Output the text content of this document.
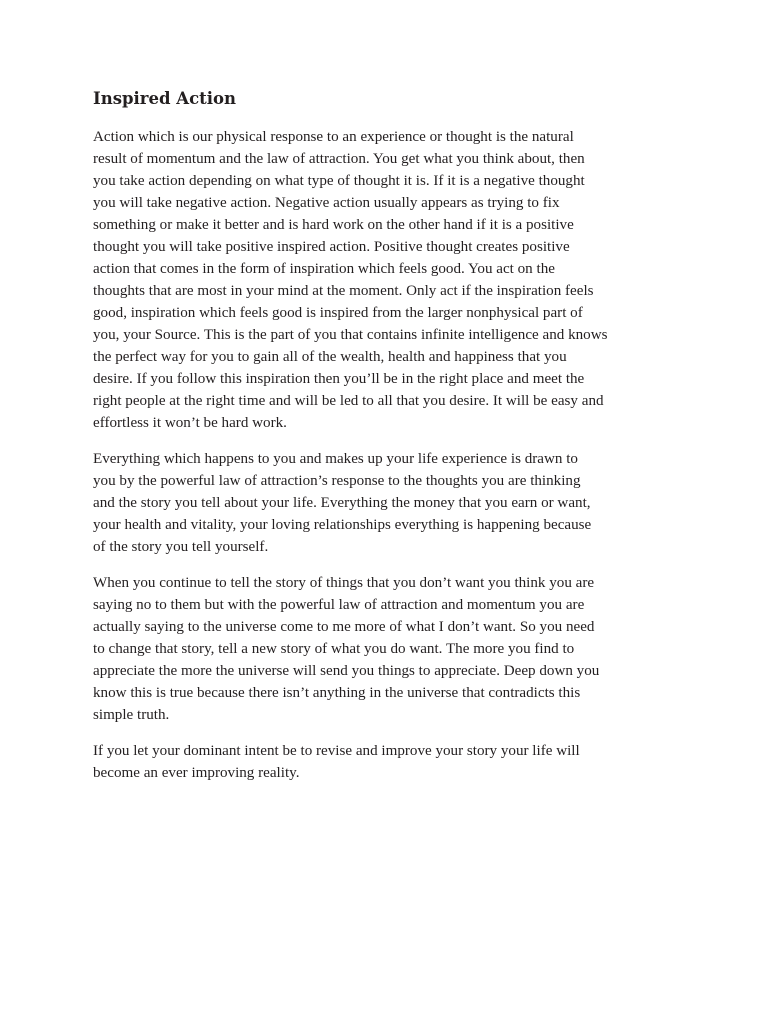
Inspired Action

Action which is our physical response to an experience or thought is the natural
result of momentum and the law of attraction. You get what you think about, then
you take action depending on what type of thought it is. If it is a negative thought
you will take negative action. Negative action usually appears as trying to fix
something or make it better and is hard work on the other hand if it is a positive
thought you will take positive inspired action. Positive thought creates positive
action that comes in the form of inspiration which feels good. You act on the
thoughts that are most in your mind at the moment. Only act if the inspiration feels
good, inspiration which feels good is inspired from the larger nonphysical part of
you, your Source. This is the part of you that contains infinite intelligence and knows
the perfect way for you to gain all of the wealth, health and happiness that you
desire. If you follow this inspiration then you’ll be in the right place and meet the
right people at the right time and will be led to all that you desire. It will be easy and
effortless it won’t be hard work.

Everything which happens to you and makes up your life experience is drawn to
you by the powerful law of attraction’s response to the thoughts you are thinking
and the story you tell about your life. Everything the money that you earn or want,
your health and vitality, your loving relationships everything is happening because
of the story you tell yourself.

When you continue to tell the story of things that you don’t want you think you are
saying no to them but with the powerful law of attraction and momentum you are
actually saying to the universe come to me more of what I don’t want. So you need
to change that story, tell a new story of what you do want. The more you find to
appreciate the more the universe will send you things to appreciate. Deep down you
know this is true because there isn’t anything in the universe that contradicts this
simple truth.

If you let your dominant intent be to revise and improve your story your life will
become an ever improving reality.
